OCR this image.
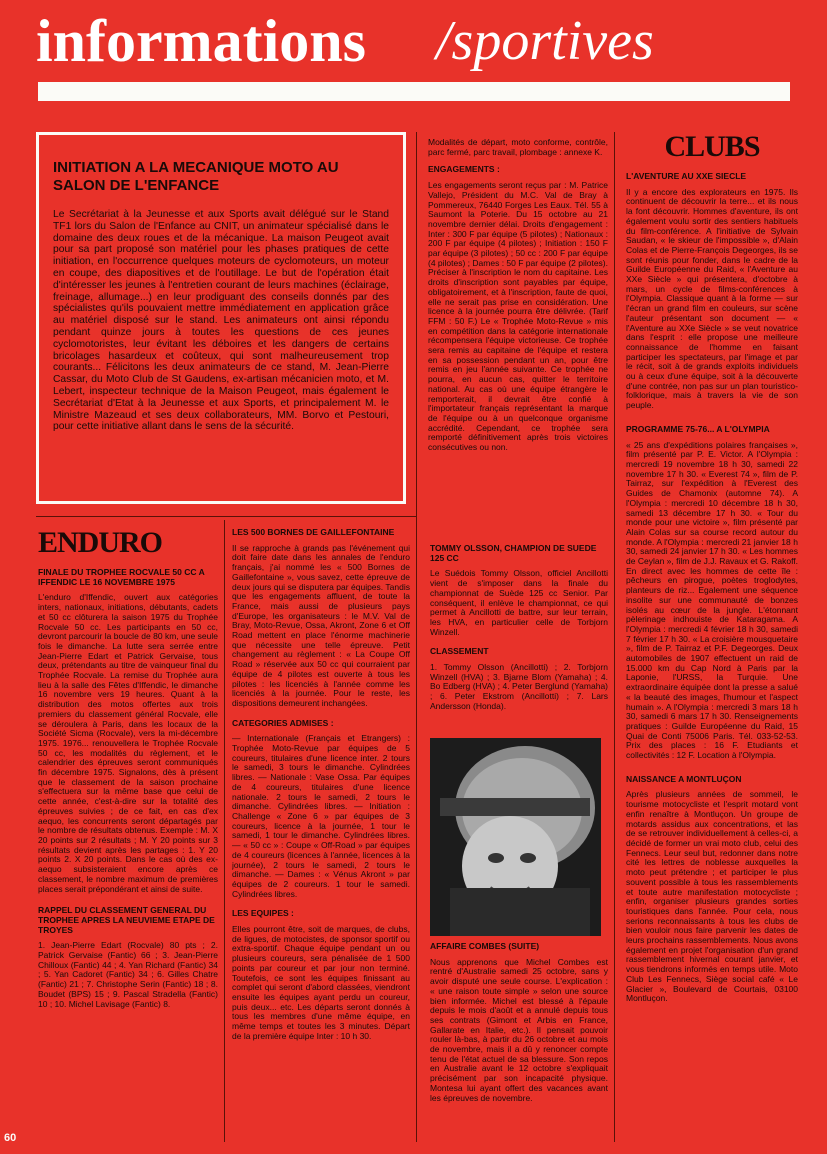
informations /sportives
INITIATION A LA MECANIQUE MOTO AU SALON DE L'ENFANCE

Le Secrétariat à la Jeunesse et aux Sports avait délégué sur le Stand TF1 lors du Salon de l'Enfance au CNIT, un animateur spécialisé dans le domaine des deux roues et de la mécanique. La maison Peugeot avait pour sa part proposé son matériel pour les phases pratiques de cette initiation, en l'occurrence quelques moteurs de cyclomoteurs, un moteur en coupe, des diapositives et de l'outillage. Le but de l'opération était d'intéresser les jeunes à l'entretien courant de leurs machines (éclairage, freinage, allumage...) en leur prodiguant des conseils donnés par des spécialistes qu'ils pouvaient mettre immédiatement en application grâce au matériel disposé sur le stand. Les animateurs ont ainsi répondu pendant quinze jours à toutes les questions de ces jeunes cyclomotoristes, leur évitant les déboires et les dangers de certains bricolages hasardeux et coûteux, qui sont malheureusement trop courants... Félicitons les deux animateurs de ce stand, M. Jean-Pierre Cassar, du Moto Club de St Gaudens, ex-artisan mécanicien moto, et M. Lebert, inspecteur technique de la Maison Peugeot, mais également le Secrétariat d'Etat à la Jeunesse et aux Sports, et principalement M. le Ministre Mazeaud et ses deux collaborateurs, MM. Borvo et Pestouri, pour cette initiative allant dans le sens de la sécurité.

Modalités de départ, moto conforme, contrôle, parc fermé, parc travail, plombage : annexe K.

ENGAGEMENTS :

Les engagements seront reçus par : M. Patrice Vallejo, Président du M.C. Val de Bray à Pommereux, 76440 Forges Les Eaux. Tél. 55 à Saumont la Poterie. Du 15 octobre au 21 novembre dernier délai. Droits d'engagement : Inter : 300 F par équipe (5 pilotes) ; Nationaux : 200 F par équipe (4 pilotes) ; Initiation : 150 F par équipe (3 pilotes) ; 50 cc : 200 F par équipe (4 pilotes) ; Dames : 50 F par équipe (2 pilotes). Préciser à l'inscription le nom du capitaine. Les droits d'inscription sont payables par équipe, obligatoirement, et à l'inscription, faute de quoi, elle ne serait pas prise en considération. Une licence à la journée pourra être délivrée. (Tarif FFM : 50 F.) Le « Trophée Moto-Revue » mis en compétition dans la catégorie internationale récompensera l'équipe victorieuse. Ce trophée sera remis au capitaine de l'équipe et restera en sa possession pendant un an, pour être remis en jeu l'année suivante. Ce trophée ne pourra, en aucun cas, quitter le territoire national. Au cas où une équipe étrangère le remporterait, il devrait être confié à l'importateur français représentant la marque de l'équipe ou à un quelconque organisme accrédité. Cependant, ce trophée sera remporté définitivement après trois victoires consécutives ou non.

CLUBS
L'AVENTURE AU XXE SIECLE

Il y a encore des explorateurs en 1975. Ils continuent de découvrir la terre... et ils nous la font découvrir. Hommes d'aventure, ils ont également voulu sortir des sentiers habituels du film-conférence. A l'initiative de Sylvain Saudan, « le skieur de l'impossible », d'Alain Colas et de Pierre-François Degeorges, ils se sont réunis pour fonder, dans le cadre de la Guilde Européenne du Raid, « l'Aventure au XXe Siècle » qui présentera, d'octobre à mars, un cycle de films-conférences à l'Olympia. Classique quant à la forme — sur l'écran un grand film en couleurs, sur scène l'auteur présentant son document — « l'Aventure au XXe Siècle » se veut novatrice dans l'esprit : elle propose une meilleure connaissance de l'homme en faisant participer les spectateurs, par l'image et par le récit, soit à de grands exploits individuels ou à ceux d'une équipe, soit à la découverte d'une contrée, non pas sur un plan touristico-folklorique, mais à travers la vie de son peuple.

PROGRAMME 75-76... A L'OLYMPIA

« 25 ans d'expéditions polaires françaises », film présenté par P. E. Victor. A l'Olympia : mercredi 19 novembre 18 h 30, samedi 22 novembre 17 h 30. « Everest 74 », film de P. Tairraz, sur l'expédition à l'Everest des Guides de Chamonix (automne 74). A l'Olympia : mercredi 10 décembre 18 h 30, samedi 13 décembre 17 h 30. « Tour du monde pour une victoire », film présenté par Alain Colas sur sa course record autour du monde. A l'Olympia : mercredi 21 janvier 18 h 30, samedi 24 janvier 17 h 30. « Les hommes de Ceylan », film de J.J. Ravaux et G. Rakoff. En direct avec les hommes de cette île : pêcheurs en pirogue, poètes troglodytes, planteurs de riz... Egalement une séquence insolite sur une communauté de bonzes isolés au cœur de la jungle. L'étonnant pèlerinage indhouiste de Kataragama. A l'Olympia : mercredi 4 février 18 h 30, samedi 7 février 17 h 30. « La croisière mousquetaire », film de P. Tairraz et P.F. Degeorges. Deux automobiles de 1907 effectuent un raid de 15.000 km du Cap Nord à Paris par la Laponie, l'URSS, la Turquie. Une extraordinaire équipée dont la presse a salué « la beauté des images, l'humour et l'aspect humain ». A l'Olympia : mercredi 3 mars 18 h 30, samedi 6 mars 17 h 30. Renseignements pratiques : Guilde Européenne du Raid, 15 Quai de Conti 75006 Paris. Tél. 033-52-53. Prix des places : 16 F. Etudiants et collectivités : 12 F. Location à l'Olympia.

NAISSANCE A MONTLUÇON

Après plusieurs années de sommeil, le tourisme motocycliste et l'esprit motard vont enfin renaître à Montluçon. Un groupe de motards assidus aux concentrations, et las de se retrouver individuellement à celles-ci, a décidé de former un vrai moto club, celui des Fennecs. Leur seul but, redonner dans notre cité les lettres de noblesse auxquelles la moto peut prétendre ; et participer le plus souvent possible à tous les rassemblements et toute autre manifestation motocycliste ; enfin, organiser plusieurs grandes sorties touristiques dans l'année. Pour cela, nous serions reconnaissants à tous les clubs de bien vouloir nous faire parvenir les dates de leurs prochains rassemblements. Nous avons également en projet l'organisation d'un grand rassemblement hivernal courant janvier, et vous tiendrons informés en temps utile. Moto Club Les Fennecs, Siège social café « Le Glacier », Boulevard de Courtais, 03100 Montluçon.

ENDURO
FINALE DU TROPHEE ROCVALE 50 CC A IFFENDIC LE 16 NOVEMBRE 1975

L'enduro d'Iffendic, ouvert aux catégories inters, nationaux, initiations, débutants, cadets et 50 cc clôturera la saison 1975 du Trophée Rocvale 50 cc. Les participants en 50 cc, devront parcourir la boucle de 80 km, une seule fois le dimanche. La lutte sera serrée entre Jean-Pierre Edart et Patrick Gervaise, tous deux, prétendants au titre de vainqueur final du Trophée Rocvale. La remise du Trophée aura lieu à la salle des Fêtes d'Iffendic, le dimanche 16 novembre vers 19 heures. Quant à la distribution des motos offertes aux trois premiers du classement général Rocvale, elle se déroulera à Paris, dans les locaux de la Société Sicma (Rocvale), vers la mi-décembre 1975. 1976... renouvellera le Trophée Rocvale 50 cc, les modalités du règlement, et le calendrier des épreuves seront communiqués fin décembre 1975. Signalons, dès à présent que le classement de la saison prochaine s'effectuera sur la même base que celui de cette année, c'est-à-dire sur la totalité des épreuves suivies ; de ce fait, en cas d'ex aequo, les concurrents seront départagés par le nombre de résultats obtenus. Exemple : M. X 20 points sur 2 résultats ; M. Y 20 points sur 3 résultats devient après les partages : 1. Y 20 points 2. X 20 points. Dans le cas où des ex-aequo subsisteraient encore après ce classement, le nombre maximum de premières places serait prépondérant et ainsi de suite.

RAPPEL DU CLASSEMENT GENERAL DU TROPHEE APRES LA NEUVIEME ETAPE DE TROYES

1. Jean-Pierre Edart (Rocvale) 80 pts ; 2. Patrick Gervaise (Fantic) 66 ; 3. Jean-Pierre Chilloux (Fantic) 44 ; 4. Yan Richard (Fantic) 34 ; 5. Yan Cadoret (Fantic) 34 ; 6. Gilles Chatre (Fantic) 21 ; 7. Christophe Serin (Fantic) 18 ; 8. Boudet (BPS) 15 ; 9. Pascal Stradella (Fantic) 10 ; 10. Michel Lavisage (Fantic) 8.

LES 500 BORNES DE GAILLEFONTAINE

Il se rapproche à grands pas l'événement qui doit faire date dans les annales de l'enduro français, j'ai nommé les « 500 Bornes de Gaillefontaine », vous savez, cette épreuve de deux jours qui se disputera par équipes. Tandis que les engagements affluent, de toute la France, mais aussi de plusieurs pays d'Europe, les organisateurs : le M.V. Val de Bray, Moto-Revue, Ossa, Akront, Zone 6 et Off Road mettent en place l'énorme machinerie que nécessite une telle épreuve. Petit changement au règlement : « La Coupe Off Road » réservée aux 50 cc qui courraient par équipe de 4 pilotes est ouverte à tous les pilotes : les licenciés à l'année comme les licenciés à la journée. Pour le reste, les dispositions demeurent inchangées.

CATEGORIES ADMISES :

— Internationale (Français et Etrangers) : Trophée Moto-Revue par équipes de 5 coureurs, titulaires d'une licence inter. 2 tours le samedi, 3 tours le dimanche. Cylindrées libres. — Nationale : Vase Ossa. Par équipes de 4 coureurs, titulaires d'une licence nationale. 2 tours le samedi, 2 tours le dimanche. Cylindrées libres. — Initiation : Challenge « Zone 6 » par équipes de 3 coureurs, licence à la journée, 1 tour le samedi, 1 tour le dimanche. Cylindrées libres. — « 50 cc » : Coupe « Off-Road » par équipes de 4 coureurs (licences à l'année, licences à la journée), 2 tours le samedi, 2 tours le dimanche. — Dames : « Vénus Akront » par équipes de 2 coureurs. 1 tour le samedi. Cylindrées libres.

LES EQUIPES :

Elles pourront être, soit de marques, de clubs, de ligues, de motocistes, de sponsor sportif ou extra-sportif. Chaque équipe pendant un ou plusieurs coureurs, sera pénalisée de 1 500 points par coureur et par jour non terminé. Toutefois, ce sont les équipes finissant au complet qui seront d'abord classées, viendront ensuite les équipes ayant perdu un coureur, puis deux... etc. Les départs seront donnés à tous les membres d'une même équipe, en même temps et toutes les 3 minutes. Départ de la première équipe Inter : 10 h 30.

TOMMY OLSSON, CHAMPION DE SUEDE 125 CC

Le Suédois Tommy Olsson, officiel Ancillotti vient de s'imposer dans la finale du championnat de Suède 125 cc Senior. Par conséquent, il enlève le championnat, ce qui permet à Ancillotti de battre, sur leur terrain, les HVA, en particulier celle de Torbjorn Winzell.

CLASSEMENT

1. Tommy Olsson (Ancillotti) ; 2. Torbjorn Winzell (HVA) ; 3. Bjarne Blom (Yamaha) ; 4. Bo Edberg (HVA) ; 4. Peter Berglund (Yamaha) ; 6. Peter Ekstrom (Ancillotti) ; 7. Lars Andersson (Honda).

AFFAIRE COMBES (SUITE)

Nous apprenons que Michel Combes est rentré d'Australie samedi 25 octobre, sans y avoir disputé une seule course. L'explication : « une raison toute simple » selon une source bien informée. Michel est blessé à l'épaule depuis le mois d'août et a annulé depuis tous ses contrats (Gimont et Arbis en France, Gallarate en Italie, etc.). Il pensait pouvoir rouler là-bas, à partir du 26 octobre et au mois de novembre, mais il a dû y renoncer compte tenu de l'état actuel de sa blessure. Son repos en Australie avant le 12 octobre s'expliquait précisément par son incapacité physique. Montesa lui ayant offert des vacances avant les épreuves de novembre.

60
